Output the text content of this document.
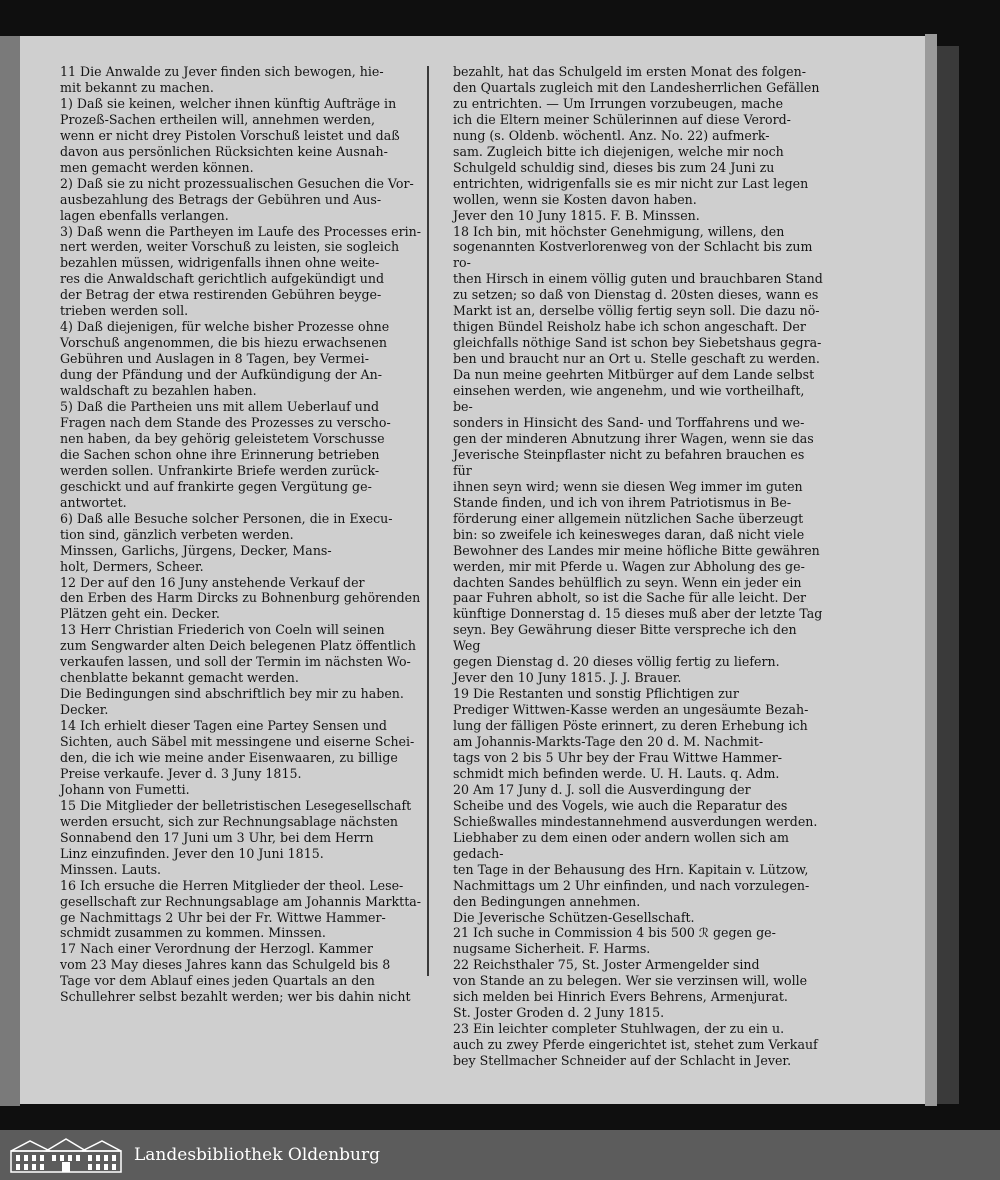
11 Die Anwalde zu Jever finden sich bewogen, hie-

mit bekannt zu machen.

1) Daß sie keinen, welcher ihnen künftig Aufträge in

Prozeß-Sachen ertheilen will, annehmen werden,

wenn er nicht drey Pistolen Vorschuß leistet und daß

davon aus persönlichen Rücksichten keine Ausnah-

men gemacht werden können.

2) Daß sie zu nicht prozessualischen Gesuchen die Vor-

ausbezahlung des Betrags der Gebühren und Aus-

lagen ebenfalls verlangen.

3) Daß wenn die Partheyen im Laufe des Processes erin-

nert werden, weiter Vorschuß zu leisten, sie sogleich

bezahlen müssen, widrigenfalls ihnen ohne weite-

res die Anwaldschaft gerichtlich aufgekündigt und

der Betrag der etwa restirenden Gebühren beyge-

trieben werden soll.

4) Daß diejenigen, für welche bisher Prozesse ohne

Vorschuß angenommen, die bis hiezu erwachsenen

Gebühren und Auslagen in 8 Tagen, bey Vermei-

dung der Pfändung und der Aufkündigung der An-

waldschaft zu bezahlen haben.

5) Daß die Partheien uns mit allem Ueberlauf und

Fragen nach dem Stande des Prozesses zu verscho-

nen haben, da bey gehörig geleistetem Vorschusse

die Sachen schon ohne ihre Erinnerung betrieben

werden sollen. Unfrankirte Briefe werden zurück-

geschickt und auf frankirte gegen Vergütung ge-

antwortet.

6) Daß alle Besuche solcher Personen, die in Execu-

tion sind, gänzlich verbeten werden.

Minssen, Garlichs, Jürgens, Decker, Mans-

holt, Dermers, Scheer.

12 Der auf den 16 Juny anstehende Verkauf der

den Erben des Harm Dircks zu Bohnenburg gehörenden

Plätzen geht ein. Decker.

13 Herr Christian Friederich von Coeln will seinen

zum Sengwarder alten Deich belegenen Platz öffentlich

verkaufen lassen, und soll der Termin im nächsten Wo-

chenblatte bekannt gemacht werden.

Die Bedingungen sind abschriftlich bey mir zu haben.

Decker.

14 Ich erhielt dieser Tagen eine Partey Sensen und

Sichten, auch Säbel mit messingene und eiserne Schei-

den, die ich wie meine ander Eisenwaaren, zu billige

Preise verkaufe. Jever d. 3 Juny 1815.

Johann von Fumetti.

15 Die Mitglieder der belletristischen Lesegesellschaft

werden ersucht, sich zur Rechnungsablage nächsten

Sonnabend den 17 Juni um 3 Uhr, bei dem Herrn

Linz einzufinden. Jever den 10 Juni 1815.

Minssen. Lauts.

16 Ich ersuche die Herren Mitglieder der theol. Lese-

gesellschaft zur Rechnungsablage am Johannis Marktta-

ge Nachmittags 2 Uhr bei der Fr. Wittwe Hammer-

schmidt zusammen zu kommen. Minssen.

17 Nach einer Verordnung der Herzogl. Kammer

vom 23 May dieses Jahres kann das Schulgeld bis 8

Tage vor dem Ablauf eines jeden Quartals an den

Schullehrer selbst bezahlt werden; wer bis dahin nicht

bezahlt, hat das Schulgeld im ersten Monat des folgen-

den Quartals zugleich mit den Landesherrlichen Gefällen

zu entrichten. — Um Irrungen vorzubeugen, mache

ich die Eltern meiner Schülerinnen auf diese Verord-

nung (s. Oldenb. wöchentl. Anz. No. 22) aufmerk-

sam. Zugleich bitte ich diejenigen, welche mir noch

Schulgeld schuldig sind, dieses bis zum 24 Juni zu

entrichten, widrigenfalls sie es mir nicht zur Last legen

wollen, wenn sie Kosten davon haben.

Jever den 10 Juny 1815. F. B. Minssen.

18 Ich bin, mit höchster Genehmigung, willens, den

sogenannten Kostverlorenweg von der Schlacht bis zum ro-

then Hirsch in einem völlig guten und brauchbaren Stand

zu setzen; so daß von Dienstag d. 20sten dieses, wann es

Markt ist an, derselbe völlig fertig seyn soll. Die dazu nö-

thigen Bündel Reisholz habe ich schon angeschaft. Der

gleichfalls nöthige Sand ist schon bey Siebetshaus gegra-

ben und braucht nur an Ort u. Stelle geschaft zu werden.

Da nun meine geehrten Mitbürger auf dem Lande selbst

einsehen werden, wie angenehm, und wie vortheilhaft, be-

sonders in Hinsicht des Sand- und Torffahrens und we-

gen der minderen Abnutzung ihrer Wagen, wenn sie das

Jeverische Steinpflaster nicht zu befahren brauchen es für

ihnen seyn wird; wenn sie diesen Weg immer im guten

Stande finden, und ich von ihrem Patriotismus in Be-

förderung einer allgemein nützlichen Sache überzeugt

bin: so zweifele ich keinesweges daran, daß nicht viele

Bewohner des Landes mir meine höfliche Bitte gewähren

werden, mir mit Pferde u. Wagen zur Abholung des ge-

dachten Sandes behülflich zu seyn. Wenn ein jeder ein

paar Fuhren abholt, so ist die Sache für alle leicht. Der

künftige Donnerstag d. 15 dieses muß aber der letzte Tag

seyn. Bey Gewährung dieser Bitte verspreche ich den Weg

gegen Dienstag d. 20 dieses völlig fertig zu liefern.

Jever den 10 Juny 1815. J. J. Brauer.

19 Die Restanten und sonstig Pflichtigen zur

Prediger Wittwen-Kasse werden an ungesäumte Bezah-

lung der fälligen Pöste erinnert, zu deren Erhebung ich

am Johannis-Markts-Tage den 20 d. M. Nachmit-

tags von 2 bis 5 Uhr bey der Frau Wittwe Hammer-

schmidt mich befinden werde. U. H. Lauts. q. Adm.

20 Am 17 Juny d. J. soll die Ausverdingung der

Scheibe und des Vogels, wie auch die Reparatur des

Schießwalles mindestannehmend ausverdungen werden.

Liebhaber zu dem einen oder andern wollen sich am gedach-

ten Tage in der Behausung des Hrn. Kapitain v. Lützow,

Nachmittags um 2 Uhr einfinden, und nach vorzulegen-

den Bedingungen annehmen.

Die Jeverische Schützen-Gesellschaft.

21 Ich suche in Commission 4 bis 500 ℛ gegen ge-

nugsame Sicherheit. F. Harms.

22 Reichsthaler 75, St. Joster Armengelder sind

von Stande an zu belegen. Wer sie verzinsen will, wolle

sich melden bei Hinrich Evers Behrens, Armenjurat.

St. Joster Groden d. 2 Juny 1815.

23 Ein leichter completer Stuhlwagen, der zu ein u.

auch zu zwey Pferde eingerichtet ist, stehet zum Verkauf

bey Stellmacher Schneider auf der Schlacht in Jever.

Landesbibliothek Oldenburg
